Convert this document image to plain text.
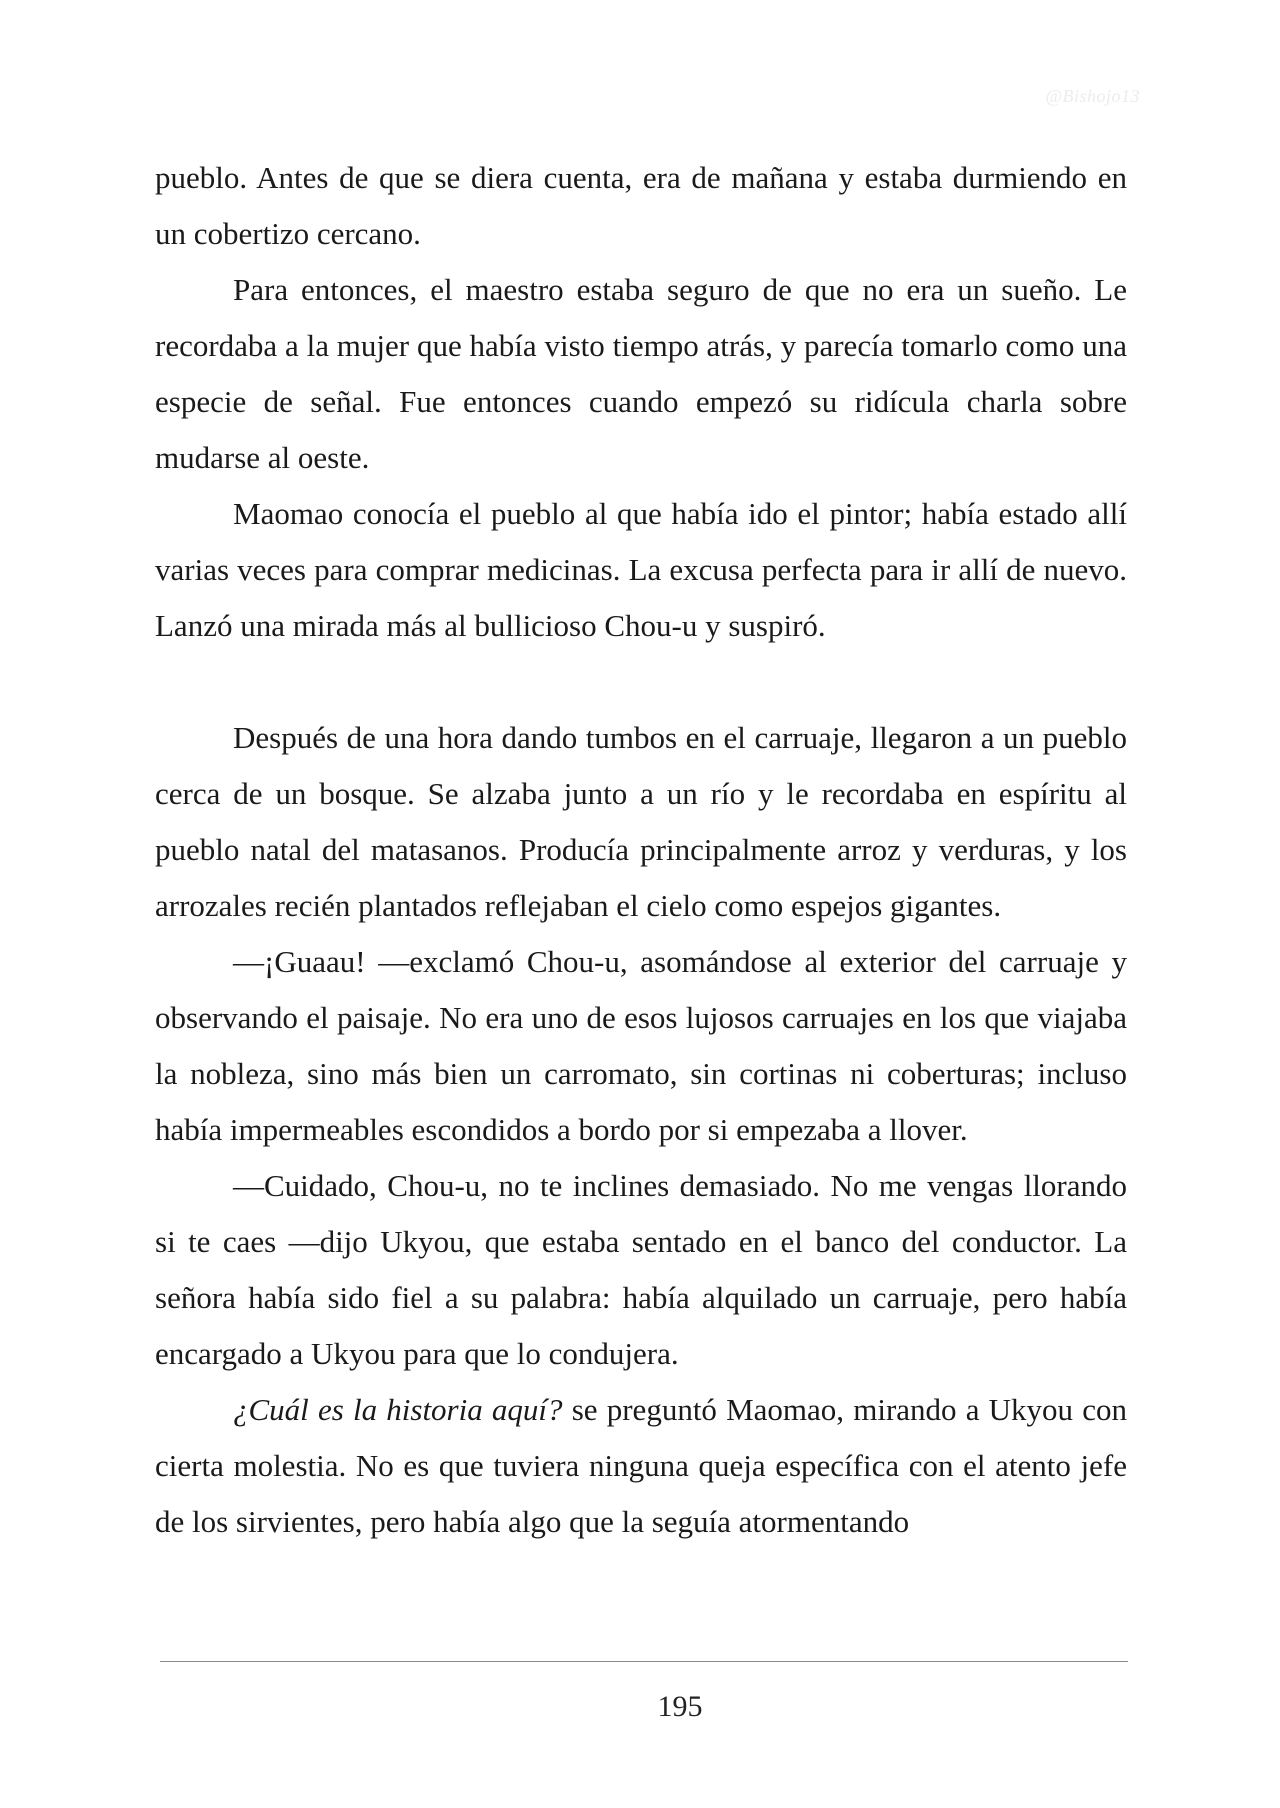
@Bishojo13

pueblo. Antes de que se diera cuenta, era de mañana y estaba durmiendo en un cobertizo cercano.

Para entonces, el maestro estaba seguro de que no era un sueño. Le recordaba a la mujer que había visto tiempo atrás, y parecía tomarlo como una especie de señal. Fue entonces cuando empezó su ridícula charla sobre mudarse al oeste.

Maomao conocía el pueblo al que había ido el pintor; había estado allí varias veces para comprar medicinas. La excusa perfecta para ir allí de nuevo. Lanzó una mirada más al bullicioso Chou-u y suspiró.

Después de una hora dando tumbos en el carruaje, llegaron a un pueblo cerca de un bosque. Se alzaba junto a un río y le recordaba en espíritu al pueblo natal del matasanos. Producía principalmente arroz y verduras, y los arrozales recién plantados reflejaban el cielo como espejos gigantes.

—¡Guaau! —exclamó Chou-u, asomándose al exterior del carruaje y observando el paisaje. No era uno de esos lujosos carruajes en los que viajaba la nobleza, sino más bien un carromato, sin cortinas ni coberturas; incluso había impermeables escondidos a bordo por si empezaba a llover.

—Cuidado, Chou-u, no te inclines demasiado. No me vengas llorando si te caes —dijo Ukyou, que estaba sentado en el banco del conductor. La señora había sido fiel a su palabra: había alquilado un carruaje, pero había encargado a Ukyou para que lo condujera.

¿Cuál es la historia aquí? se preguntó Maomao, mirando a Ukyou con cierta molestia. No es que tuviera ninguna queja específica con el atento jefe de los sirvientes, pero había algo que la seguía atormentando

195
